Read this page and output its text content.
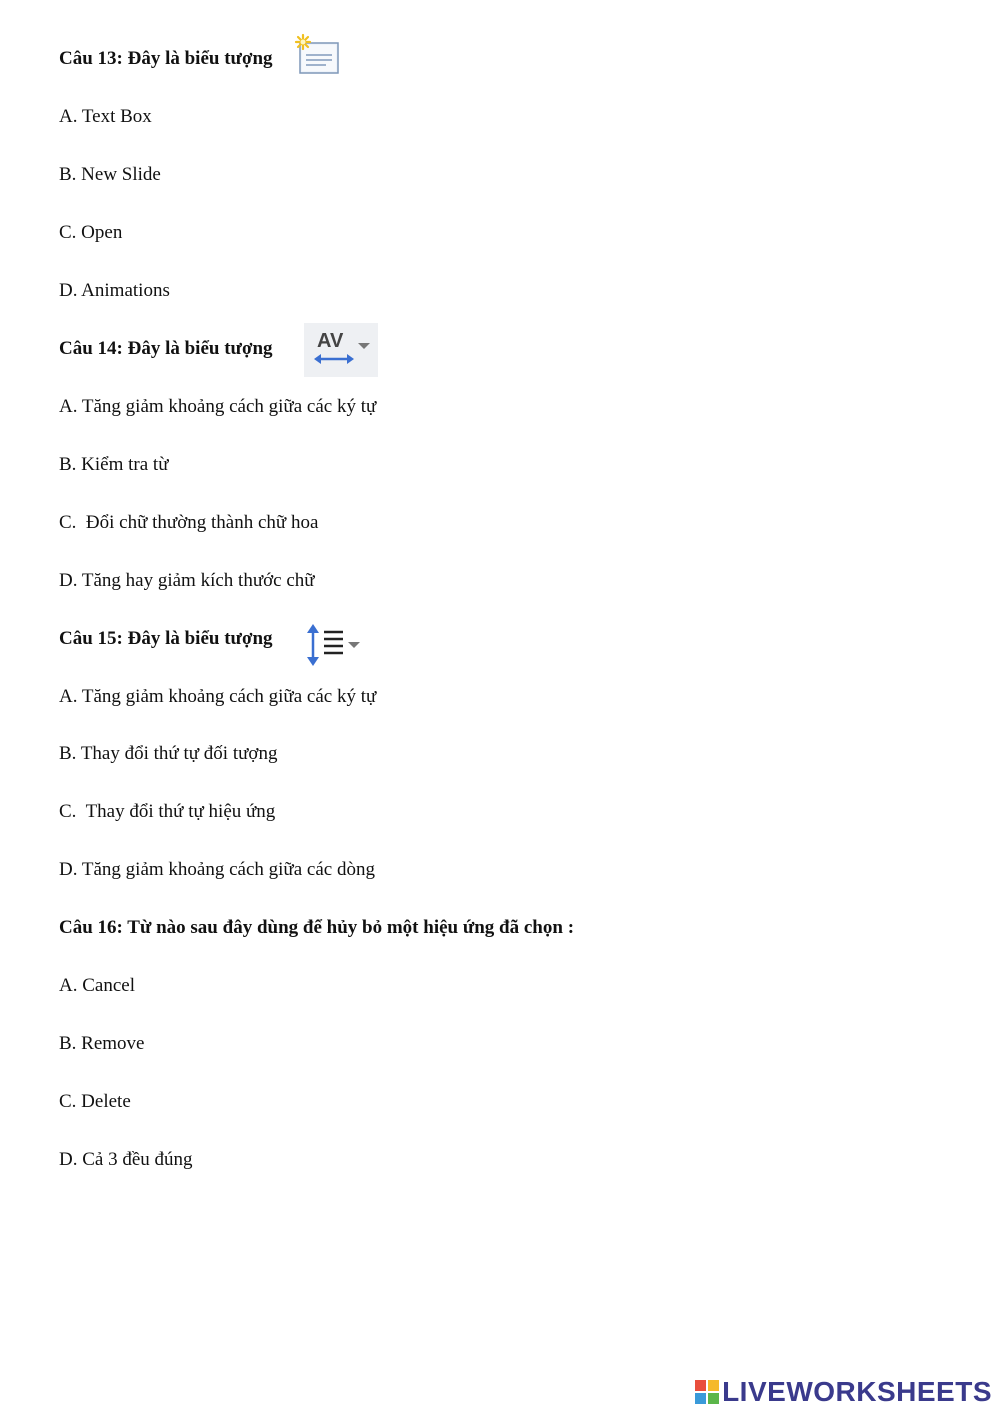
Câu 13: Đây là biểu tượng
A. Text Box
B. New Slide
C. Open
D. Animations
Câu 14: Đây là biểu tượng AV
A. Tăng giảm khoảng cách giữa các ký tự
B. Kiểm tra từ
C.  Đổi chữ thường thành chữ hoa
D. Tăng hay giảm kích thước chữ
Câu 15: Đây là biểu tượng
A. Tăng giảm khoảng cách giữa các ký tự
B. Thay đổi thứ tự đối tượng
C.  Thay đổi thứ tự hiệu ứng
D. Tăng giảm khoảng cách giữa các dòng
Câu 16: Từ nào sau đây dùng để hủy bỏ một hiệu ứng đã chọn :
A. Cancel
B. Remove
C. Delete
D. Cả 3 đều đúng
LIVEWORKSHEETS
